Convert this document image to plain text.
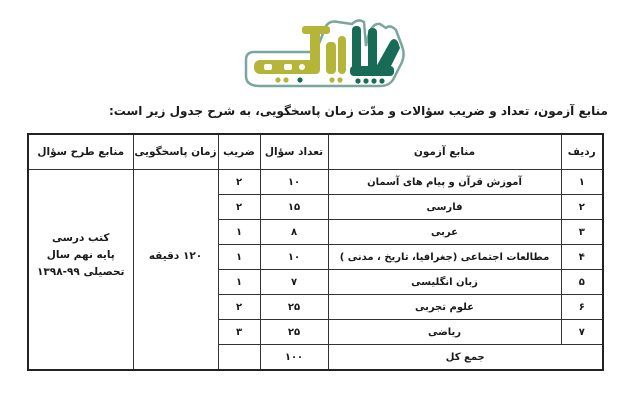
منابع آزمون، تعداد و ضریب سؤالات و مدّت زمان پاسخگویی، به شرح جدول زیر است:
ردیف	منابع آزمون	تعداد سؤال	ضریب	زمان پاسخگویی	منابع طرح سؤال
۱	آموزش قرآن و پیام های آسمان	۱۰	۲	۱۲۰ دقیقه	کتب درسی
پایه نهم سال
تحصیلی ۹۹-۱۳۹۸

۲	فارسی	۱۵	۲		
۳	عربی	۸	۱		
۴	مطالعات اجتماعی (جغرافیا، تاریخ ، مدنی )	۱۰	۱		
۵	زبان انگلیسی	۷	۱		
۶	علوم تجربی	۲۵	۲		
۷	ریاضی	۲۵	۳		
جمع کل		۱۰۰			
